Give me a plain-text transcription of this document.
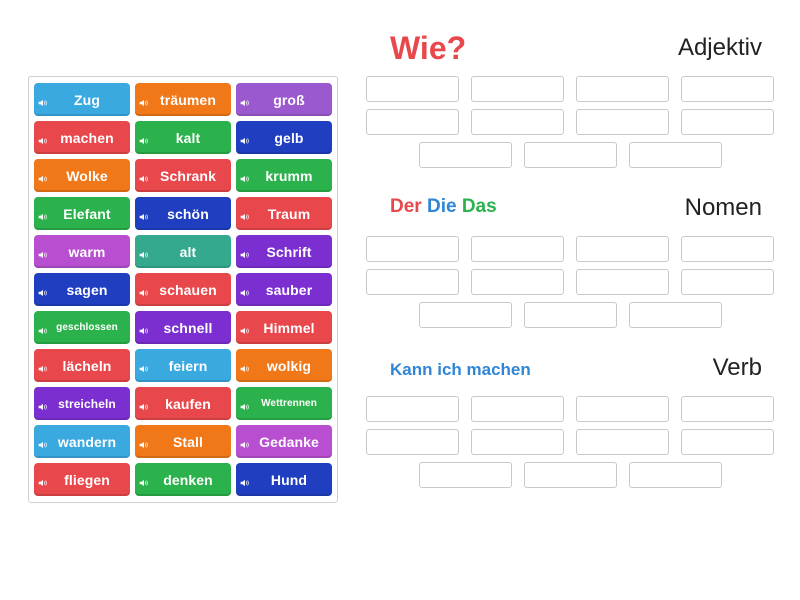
Zug	träumen	groß
machen	kalt	gelb
Wolke	Schrank	krumm
Elefant	schön	Traum
warm	alt	Schrift
sagen	schauen	sauber
geschlossen	schnell	Himmel
lächeln	feiern	wolkig
streicheln	kaufen	Wettrennen
wandern	Stall	Gedanke
fliegen	denken	Hund
Wie?	Adjektiv
Der Die Das	Nomen
Kann ich machen	Verb
